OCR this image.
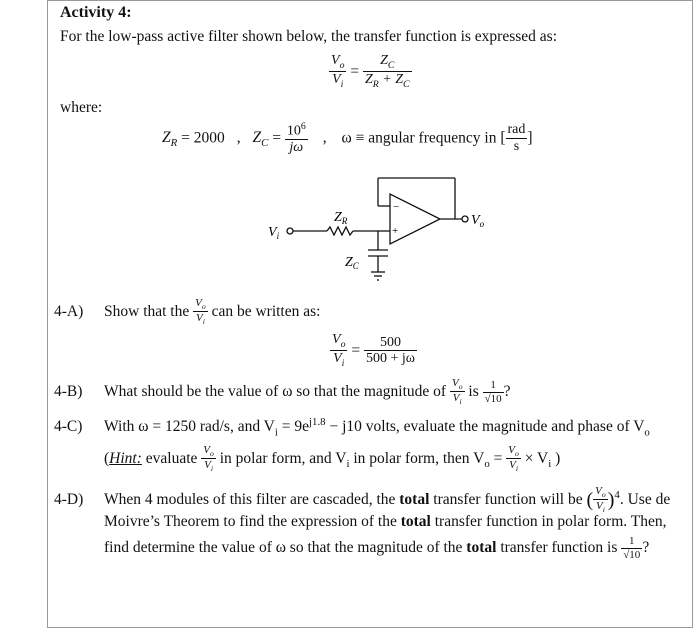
Activity 4:
For the low-pass active filter shown below, the transfer function is expressed as:
$\frac{V_o}{V_i} = \frac{Z_C}{Z_R + Z_C}$
where:
$Z_R = 2000$ , $Z_C = \frac{10^6}{j\omega}$ , ω ≡ angular frequency in [ $\frac{\text{rad}}{s}$ ]
−
+
$Z_R$
$Z_C$
$V_i$
$V_o$
4-A) Show that the $\frac{V_o}{V_i}$ can be written as:
$\frac{V_o}{V_i} = \frac{500}{500 + j\omega}$
4-B) What should be the value of ω so that the magnitude of $\frac{V_o}{V_i}$ is $\frac{1}{√10}$ ?
4-C) With ω = 1250 rad/s, and $V_i = 9e^{j1.8} - j10$ volts, evaluate the magnitude and phase of $V_o$
(Hint: evaluate $\frac{V_o}{V_i}$ in polar form, and $V_i$ in polar form, then $V_o = \frac{V_o}{V_i} \times V_i$ )
4-D) When 4 modules of this filter are cascaded, the total transfer function will be ( $\frac{V_o}{V_i} )^4$. Use de
Moivre’s Theorem to find the expression of the total transfer function in polar form. Then,
find determine the value of ω so that the magnitude of the total transfer function is $\frac{1}{√10}$ ?
